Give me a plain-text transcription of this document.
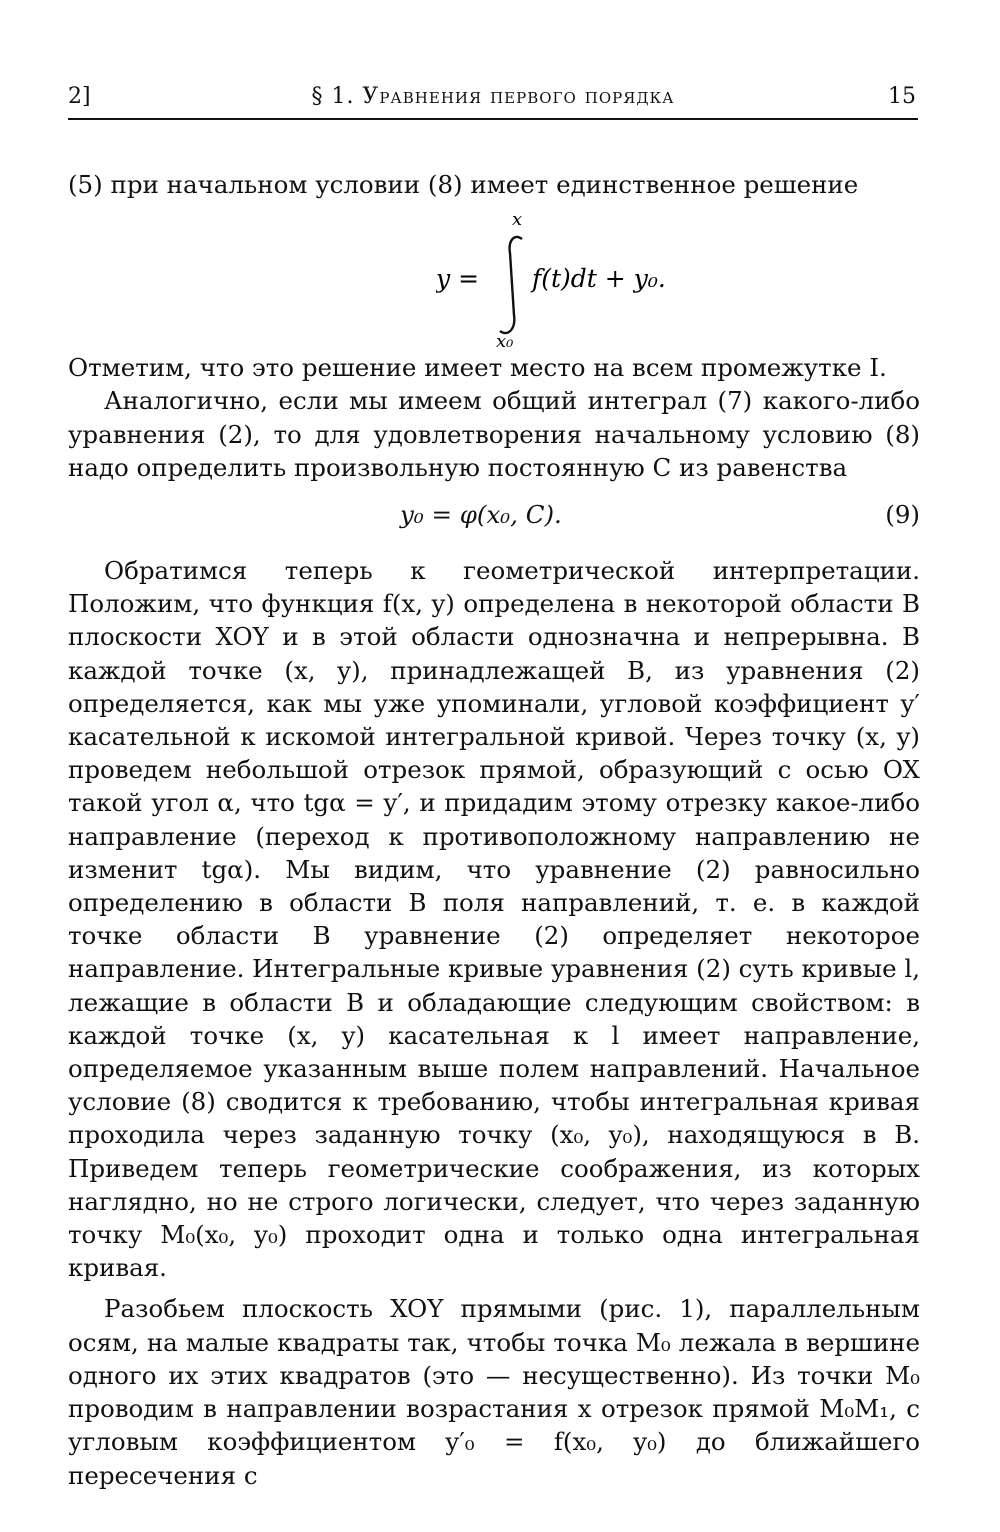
2]	§ 1. Уравнения первого порядка	15

(5) при начальном условии (8) имеет единственное решение

y =
x
x₀
f(t)dt + y₀.

Отметим, что это решение имеет место на всем промежутке I.

Аналогично, если мы имеем общий интеграл (7) какого-либо уравнения (2), то для удовлетворения начальному условию (8) надо определить произвольную постоянную C из равенства

y₀ = φ(x₀, C).	(9)

Обратимся теперь к геометрической интерпретации. Положим, что функция f(x, y) определена в некоторой области B плоскости XOY и в этой области однозначна и непрерывна. В каждой точке (x, y), принадлежащей B, из уравнения (2) определяется, как мы уже упоминали, угловой коэффициент y′ касательной к искомой интегральной кривой. Через точку (x, y) проведем небольшой отрезок прямой, образующий с осью OX такой угол α, что tgα = y′, и придадим этому отрезку какое-либо направление (переход к противоположному направлению не изменит tgα). Мы видим, что уравнение (2) равносильно определению в области B поля направлений, т. е. в каждой точке области B уравнение (2) определяет некоторое направление. Интегральные кривые уравнения (2) суть кривые l, лежащие в области B и обладающие следующим свойством: в каждой точке (x, y) касательная к l имеет направление, определяемое указанным выше полем направлений. Начальное условие (8) сводится к требованию, чтобы интегральная кривая проходила через заданную точку (x₀, y₀), находящуюся в B. Приведем теперь геометрические соображения, из которых наглядно, но не строго логически, следует, что через заданную точку M₀(x₀, y₀) проходит одна и только одна интегральная кривая.

Разобьем плоскость XOY прямыми (рис. 1), параллельным осям, на малые квадраты так, чтобы точка M₀ лежала в вершине одного их этих квадратов (это — несущественно). Из точки M₀ проводим в направлении возрастания x отрезок прямой M₀M₁, с угловым коэффициентом y′₀ = f(x₀, y₀) до ближайшего пересечения с
